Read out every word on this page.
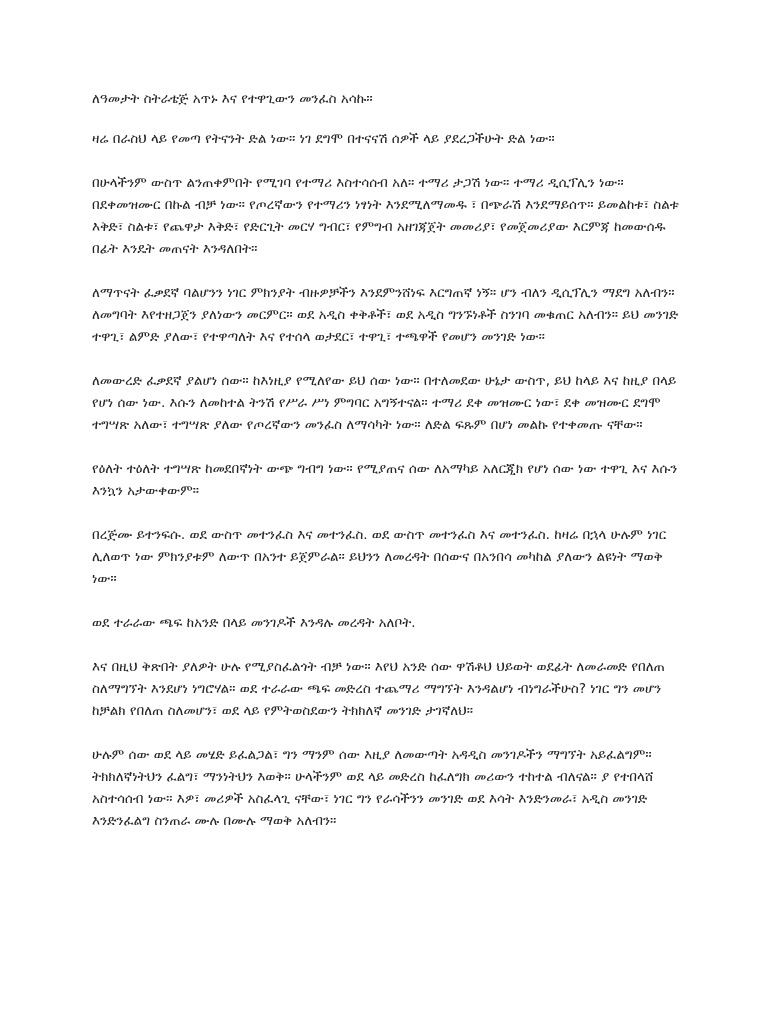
ለዓመታት ስትራቴጅ አጥኑ እና የተዋጊውን መንፈስ አሳኩ።

ዛሬ በራስህ ላይ የመጣ የትናንት ድል ነው። ነገ ደግሞ በተናናሽ ሰዎች ላይ ያደረጋችሁት ድል ነው።

በሁላችንም ውስጥ ልንጠቀምበት የሚገባ የተማሪ እስተሳሰብ አለ። ተማሪ ታጋሽ ነው። ተማሪ ዲሲፕሊን ነው። በደቀመዝሙር በኩል ብቻ ነው። የጦረኛውን የተማሪን ነፃነት እንደሚለማመዱ ፣ በጭራሽ እንደማይሰጥ። ይመልከቱ፣ ስልቱ እቅድ፣ ስልቱ፣ የጨዋታ እቅድ፣ የድርጊት መርሃ ግብር፣ የምግብ አዘገጃጀት መመሪያ፣ የመጀመሪያው እርምጃ ከመውሰዱ በፊት እንዴት መጠናት እንዳለበት።

ለማጥናት ፈቃደኛ ባልሆንን ነገር ምክንያት ብዙዎቻችን እንደምንሸነፍ እርግጠኛ ነኝ። ሆን ብለን ዲሲፕሊን ማደግ አለብን። ለመግባት እየተዘጋጀን ያለነውን መርምር። ወደ አዲስ ቀቅቶች፣ ወደ አዲስ ግንኙነቶች ስንገባ መቁጠር አለብን። ይህ መንገድ ተዋጊ፣ ልምድ ያለው፣ የተዋጣለት እና የተሰላ ወታደር፣ ተዋጊ፣ ተጫዋች የመሆን መንገድ ነው።

ለመውረድ ፈቃደኛ ያልሆነ ሰው። ከእነዚያ የሚለየው ይህ ሰው ነው። በተለመደው ሁኔታ ውስጥ, ይህ ከላይ እና ከዚያ በላይ የሆነ ሰው ነው. እሱን ለመከተል ትንሽ የሥራ ሥነ ምግባር አግኝተናል። ተማሪ ደቀ መዝሙር ነው፣ ደቀ መዝሙር ደግሞ ተግሣጽ አለው፣ ተግሣጽ ያለው የጦረኛውን መንፈስ ለማሳካት ነው። ለድል ፍጹም በሆነ መልኩ የተቀመጡ ናቸው።

የዕለት ተዕለት ተግሣጽ ከመደበኛነት ውጭ ግብግ ነው። የሚያጠና ሰው ለአማካይ አለርጂክ የሆነ ሰው ነው ተዋጊ እና እሱን እንኳን አታውቀውም።

በረጅሙ ይተንፍሱ. ወደ ውስጥ መተንፈስ እና መተንፈስ. ወደ ውስጥ መተንፈስ እና መተንፈስ. ከዛሬ በኋላ ሁሉም ነገር ሊለወጥ ነው ምክንያቱም ለውጥ በአንተ ይጀምራል። ይህንን ለመረዳት በሰውና በአንበሳ መካከል ያለውን ልዩነት ማወቅ ነው።

ወደ ተራራው ጫፍ ከአንድ በላይ መንገዶች እንዳሉ መረዳት አለቦት.

እና በዚህ ቅጽበት ያለዎት ሁሉ የሚያስፈልጎት ብቻ ነው። እየህ አንድ ሰው ዋሽቶህ ህይወት ወደፊት ለመራመድ የበለጠ ስለማግኘት እንደሆነ ነግሮሃል። ወደ ተራራው ጫፍ መድረስ ተጨማሪ ማግኘት እንዳልሆነ ብነግራችሁስ? ነገር ግን መሆን ከቻልክ የበለጠ ስለመሆን፣ ወደ ላይ የምትወስደውን ትክክለኛ መንገድ ታገኛለህ።

ሁሉም ሰው ወደ ላይ መሄድ ይፈልጋል፣ ግን ማንም ሰው እዚያ ለመውጣት አዳዲስ መንገዶችን ማግኘት አይፈልግም። ትክክለኛነትህን ፈልግ፣ ማንነትህን እወቅ። ሁላችንም ወደ ላይ መድረስ ከፈለግክ መሪውን ተከተል ብለናል። ያ የተበላሸ አስተሳሰብ ነው። እዎ፣ መሪዎች አስፈላጊ ናቸው፣ ነገር ግን የራሳችንን መንገድ ወደ እሳት እንድንመራ፣ አዲስ መንገድ እንድንፈልግ ስንጠራ ሙሉ በሙሉ ማወቅ አለብን።
